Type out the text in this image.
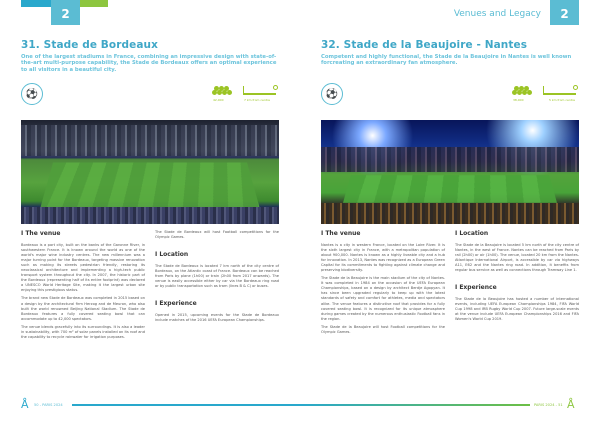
2
31. Stade de Bordeaux
One of the largest stadiums in France, combining an impressive design with state-of-the-art multi-purpose capability, the Stade de Bordeaux offers an optimal experience to all visitors in a beautiful city.
⚽
42,000	7 km from centre
I The venue

Bordeaux is a port city, built on the banks of the Garonne River, in southwestern France. It is known around the world as one of the world's major wine industry centres. The new millennium was a major turning point for the Bordeaux, targeting massive renovation such as making its streets pedestrian friendly, restoring its neoclassical architecture and implementing a high-tech public transport system throughout the city. In 2007, the historic part of the Bordeaux (representing half of its entire footprint) was declared a UNESCO World Heritage Site, making it the largest urban site enjoying this prestigious status.

The brand new Stade de Bordeaux was completed in 2015 based on a design by the architectural firm Herzog and de Meuron, who also built the world renowned Beijing National Stadium. The Stade de Bordeaux features a fully covered seating bowl that can accommodate up to 42,000 spectators.

The venue blends gracefully into its surroundings. It is also a leader in sustainability, with 700 m² of solar panels installed on its roof and the capability to recycle rainwater for irrigation purposes.

The Stade de Bordeaux will host Football competitions for the Olympic Games.

I Location

The Stade de Bordeaux is located 7 km north of the city centre of Bordeaux, on the Atlantic coast of France. Bordeaux can be reached from Paris by plane (1h00) or train (2h00 from 2017 onwards). The venue is easily accessible either by car via the Bordeaux ring road or by public transportation such as tram (lines B & C) or buses.

I Experience

Opened in 2015, upcoming events for the Stade de Bordeaux include matches of the 2016 UEFA European Championships.

Å 50 - PARIS 2024
Venues and Legacy	2
32. Stade de la Beaujoire - Nantes
Competent and highly functional, the Stade de la Beaujoire in Nantes is well known forcreating an extraordinary fan atmosphere.
⚽
38,000	5 km from centre
I The venue

Nantes is a city in western France, located on the Loire River. It is the sixth largest city in France, with a metropolitan population of about 900,000. Nantes is known as a highly liveable city and a hub for innovation. In 2013, Nantes was recognized as a European Green Capital for its commitments to fighting against climate change and preserving biodiversity.

The Stade de la Beaujoire is the main stadium of the city of Nantes. It was completed in 1984 on the occasion of the UEFA European Championships, based on a design by architect Berdje Agopyan. It has since been upgraded regularly to keep up with the latest standards of safety and comfort for athletes, media and spectators alike. The venue features a distinctive roof that provides for a fully covered seating bowl. It is recognized for its unique atmosphere during games created by the numerous enthusiastic Football fans in the region.

The Stade de la Beaujoire will host Football competitions for the Olympic Games.

I Location

The Stade de la Beaujoire is located 5 km north of the city centre of Nantes, in the west of France. Nantes can be reached from Paris by rail (2h00) or air (1h00). The venue, located 20 km from the Nantes-Atlantique International Airport, is accessible by car via highways A11, E62 and the Nantes ring road. In addition, it benefits from regular bus service as well as connections through Tramway Line 1.

I Experience

The Stade de la Beaujoire has hosted a number of international events, including UEFA European Championships 1984, FIFA World Cup 1998 and IRB Rugby World Cup 2007. Future large-scale events at the venue include UEFA European Championships 2016 and FIFA Women's World Cup 2019.

PARIS 2024 - 51 Å
